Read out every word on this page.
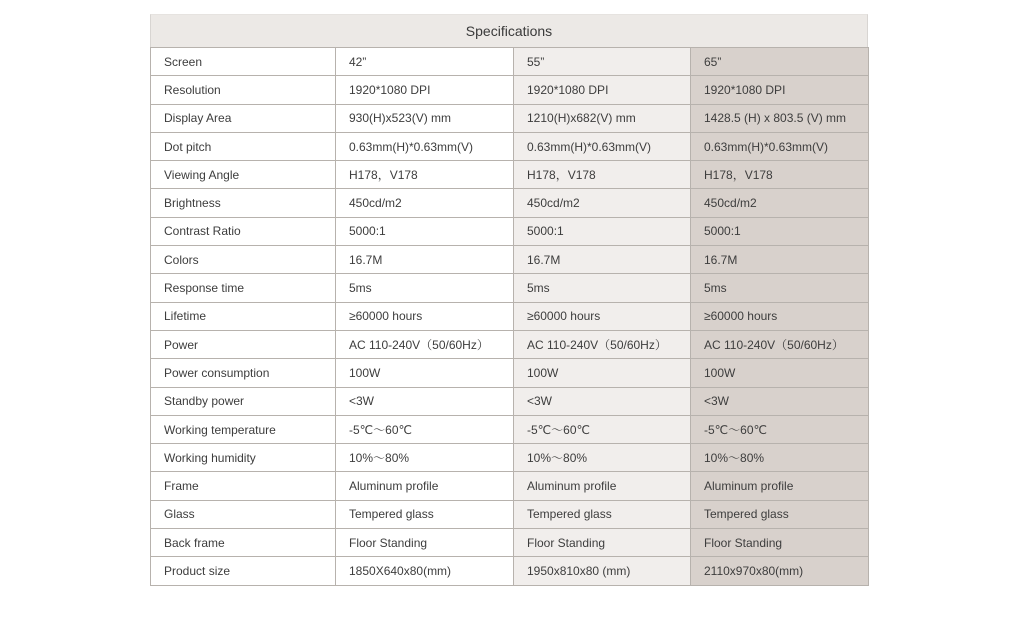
Specifications
Screen	42”	55”	65”
Resolution	1920*1080 DPI	1920*1080 DPI	1920*1080 DPI
Display Area	930(H)x523(V) mm	1210(H)x682(V) mm	1428.5 (H) x 803.5 (V) mm
Dot pitch	0.63mm(H)*0.63mm(V)	0.63mm(H)*0.63mm(V)	0.63mm(H)*0.63mm(V)
Viewing Angle	H178，V178	H178，V178	H178，V178
Brightness	450cd/m2	450cd/m2	450cd/m2
Contrast Ratio	5000:1	5000:1	5000:1
Colors	16.7M	16.7M	16.7M
Response time	5ms	5ms	5ms
Lifetime	≥60000 hours	≥60000 hours	≥60000 hours
Power	AC 110-240V（50/60Hz）	AC 110-240V（50/60Hz）	AC 110-240V（50/60Hz）
Power consumption	100W	100W	100W
Standby power	<3W	<3W	<3W
Working temperature	-5℃～60℃	-5℃～60℃	-5℃～60℃
Working humidity	10%～80%	10%～80%	10%～80%
Frame	Aluminum profile	Aluminum profile	Aluminum profile
Glass	Tempered glass	Tempered glass	Tempered glass
Back frame	Floor Standing	Floor Standing	Floor Standing
Product size	1850X640x80(mm)	1950x810x80 (mm)	2110x970x80(mm)
